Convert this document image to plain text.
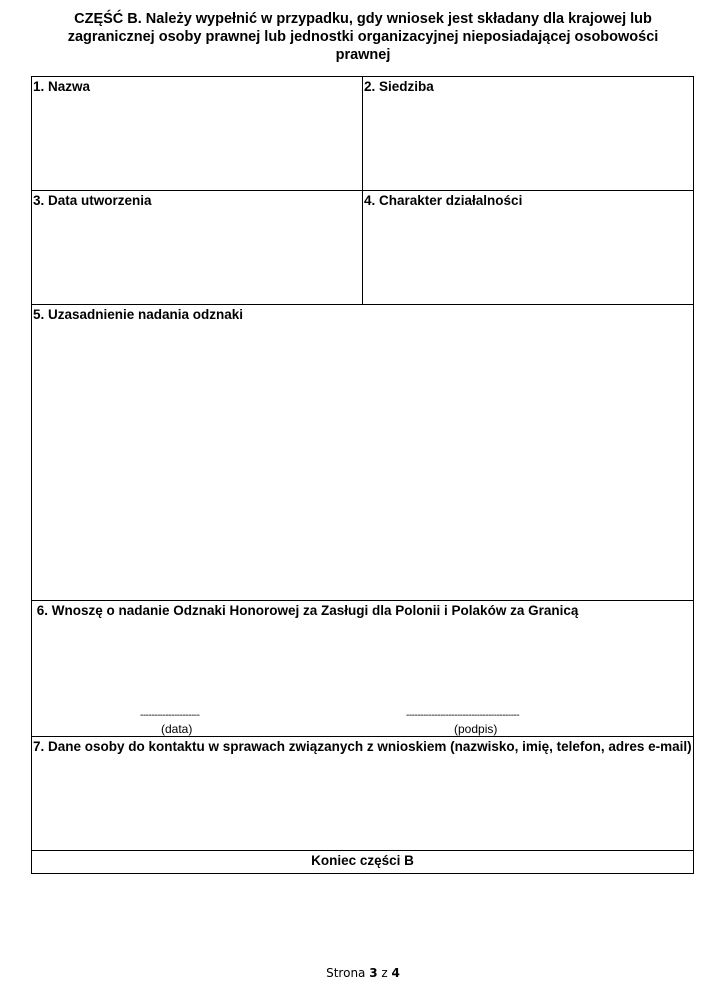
CZĘŚĆ B. Należy wypełnić w przypadku, gdy wniosek jest składany dla krajowej lub
zagranicznej osoby prawnej lub jednostki organizacyjnej nieposiadającej osobowości
prawnej
1. Nazwa	2. Siedziba
3. Data utworzenia	4. Charakter działalności
5. Uzasadnienie nadania odznaki
6. Wnoszę o nadanie Odznaki Honorowej za Zasługi dla Polonii i Polaków za Granicą
---------------------
(data)
----------------------------------------
(podpis)
7. Dane osoby do kontaktu w sprawach związanych z wnioskiem (nazwisko, imię, telefon, adres e-mail)
Koniec części B
Strona 3 z 4
